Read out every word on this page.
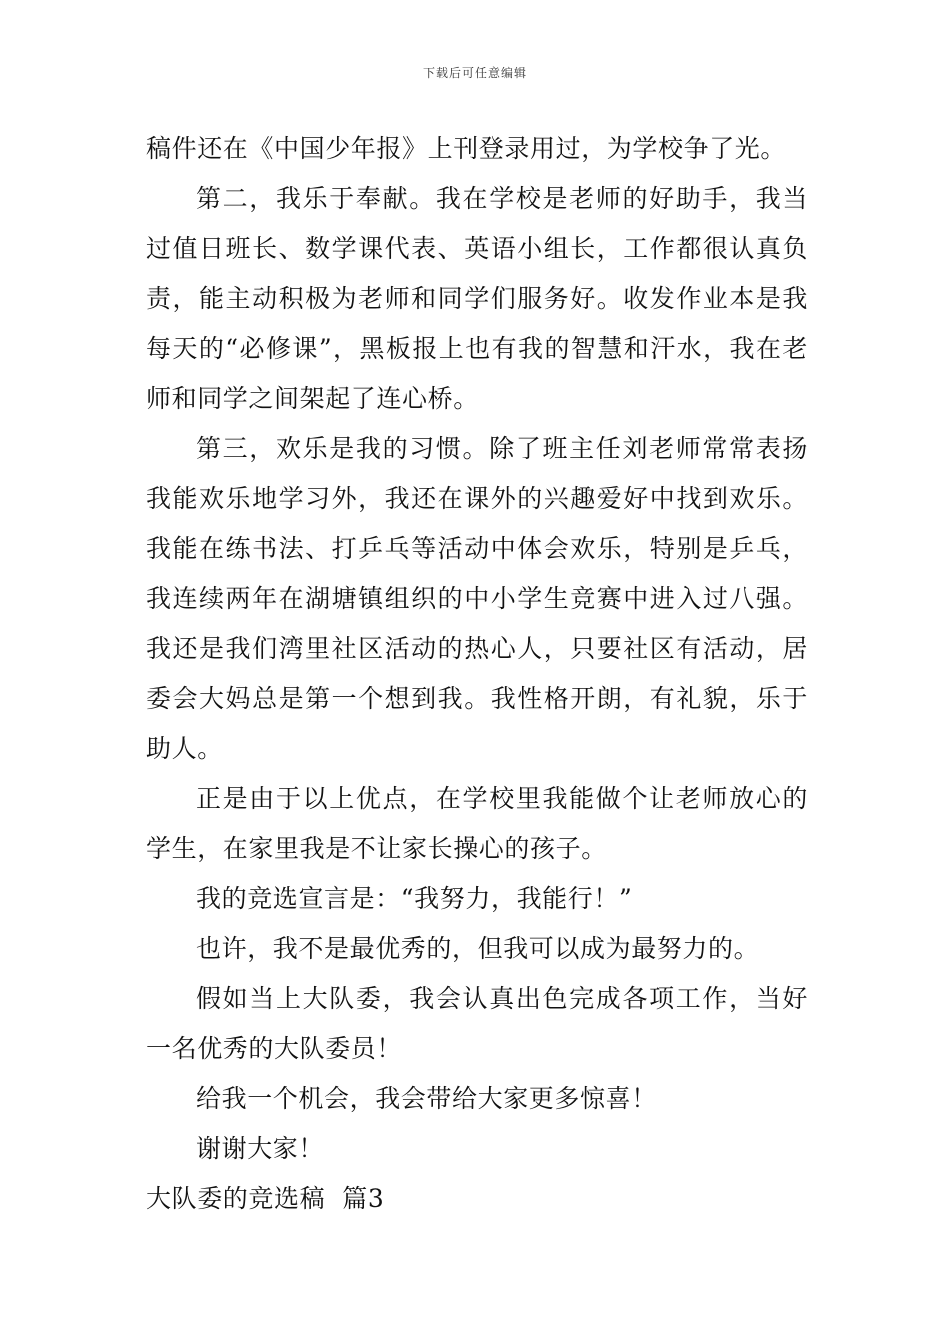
下载后可任意编辑

稿件还在《中国少年报》上刊登录用过，为学校争了光。

第二，我乐于奉献。我在学校是老师的好助手，我当过值日班长、数学课代表、英语小组长，工作都很认真负责，能主动积极为老师和同学们服务好。收发作业本是我每天的“必修课”，黑板报上也有我的智慧和汗水，我在老师和同学之间架起了连心桥。

第三，欢乐是我的习惯。除了班主任刘老师常常表扬我能欢乐地学习外，我还在课外的兴趣爱好中找到欢乐。我能在练书法、打乒乓等活动中体会欢乐，特别是乒乓，我连续两年在湖塘镇组织的中小学生竞赛中进入过八强。我还是我们湾里社区活动的热心人，只要社区有活动，居委会大妈总是第一个想到我。我性格开朗，有礼貌，乐于助人。

正是由于以上优点，在学校里我能做个让老师放心的学生，在家里我是不让家长操心的孩子。

我的竞选宣言是：“我努力，我能行！”

也许，我不是最优秀的，但我可以成为最努力的。

假如当上大队委，我会认真出色完成各项工作，当好一名优秀的大队委员！

给我一个机会，我会带给大家更多惊喜！

谢谢大家！

大队委的竞选稿  篇3
